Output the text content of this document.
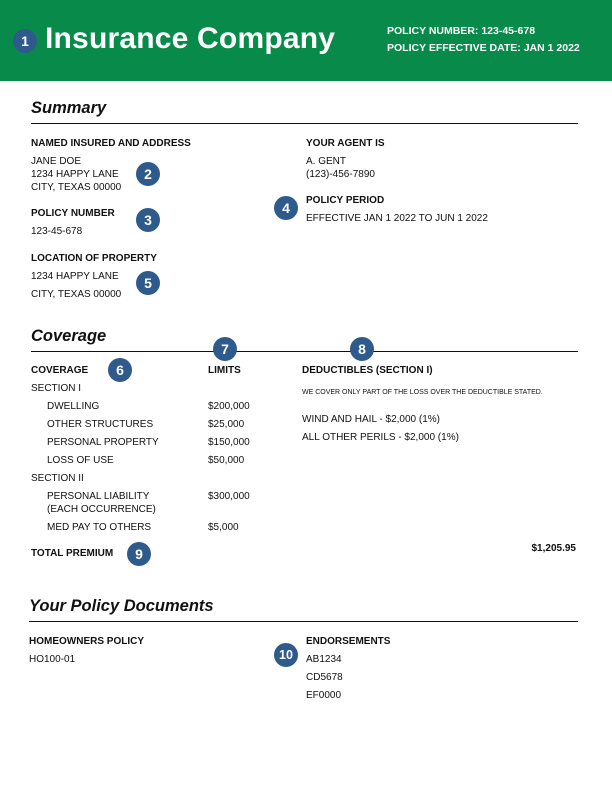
1 Insurance Company	POLICY NUMBER: 123-45-678
POLICY EFFECTIVE DATE: JAN 1 2022
Summary
NAMED INSURED AND ADDRESS
JANE DOE
1234 HAPPY LANE
CITY, TEXAS 00000
2
POLICY NUMBER
123-45-678
3
LOCATION OF PROPERTY
1234 HAPPY LANE
CITY, TEXAS 00000
5
YOUR AGENT IS
A. GENT
(123)-456-7890
4	POLICY PERIOD
EFFECTIVE JAN 1 2022 TO JUN 1 2022
Coverage
7	8
COVERAGE	6	LIMITS	DEDUCTIBLES (SECTION I)
SECTION I
DWELLING	$200,000
OTHER STRUCTURES	$25,000
PERSONAL PROPERTY	$150,000
LOSS OF USE	$50,000
SECTION II
PERSONAL LIABILITY
(EACH OCCURRENCE)
$300,000
MED PAY TO OTHERS	$5,000
WE COVER ONLY PART OF THE LOSS OVER THE DEDUCTIBLE STATED.
WIND AND HAIL - $2,000 (1%)
ALL OTHER PERILS - $2,000 (1%)
TOTAL PREMIUM	9	$1,205.95
Your Policy Documents
HOMEOWNERS POLICY
HO100-01	10
ENDORSEMENTS
AB1234
CD5678
EF0000
